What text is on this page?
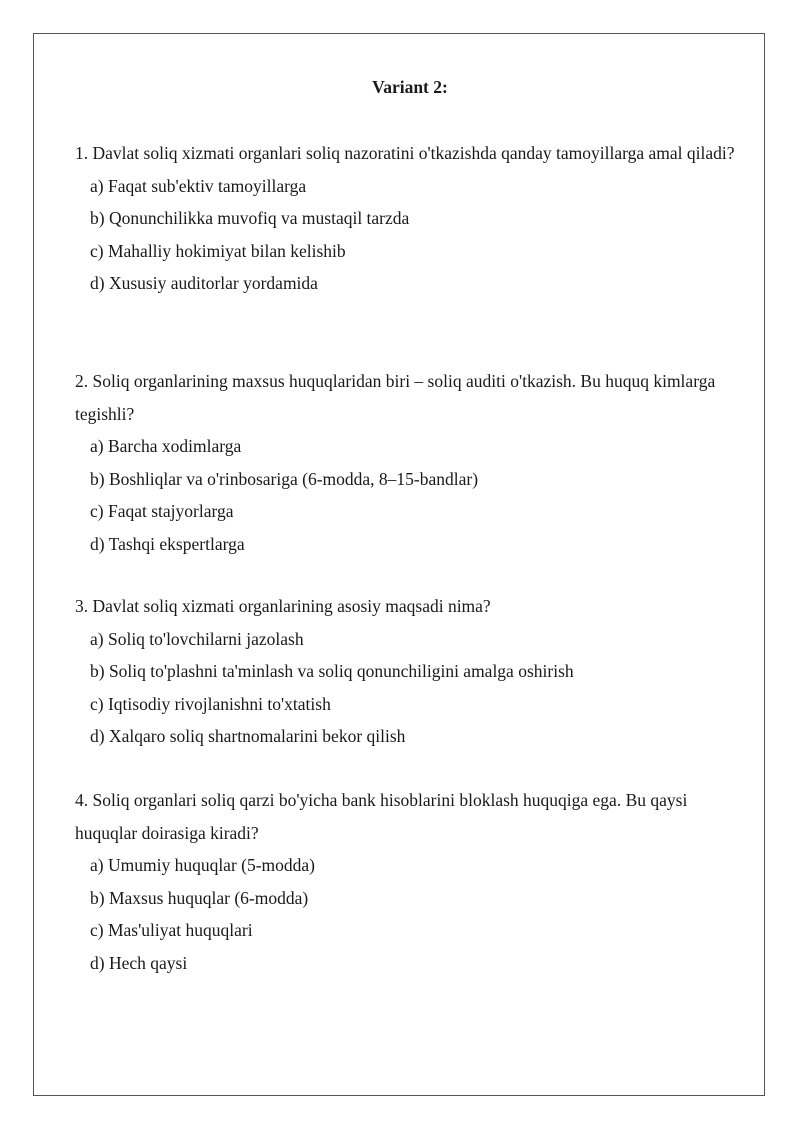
Variant 2:
1. Davlat soliq xizmati organlari soliq nazoratini o'tkazishda qanday tamoyillarga amal qiladi?
a) Faqat sub'ektiv tamoyillarga
b) Qonunchilikka muvofiq va mustaqil tarzda
c) Mahalliy hokimiyat bilan kelishib
d) Xususiy auditorlar yordamida
2. Soliq organlarining maxsus huquqlaridan biri – soliq auditi o'tkazish. Bu huquq kimlarga tegishli?
a) Barcha xodimlarga
b) Boshliqlar va o'rinbosariga (6-modda, 8–15-bandlar)
c) Faqat stajyorlarga
d) Tashqi ekspertlarga
3. Davlat soliq xizmati organlarining asosiy maqsadi nima?
a) Soliq to'lovchilarni jazolash
b) Soliq to'plashni ta'minlash va soliq qonunchiligini amalga oshirish
c) Iqtisodiy rivojlanishni to'xtatish
d) Xalqaro soliq shartnomalarini bekor qilish
4. Soliq organlari soliq qarzi bo'yicha bank hisoblarini bloklash huquqiga ega. Bu qaysi huquqlar doirasiga kiradi?
a) Umumiy huquqlar (5-modda)
b) Maxsus huquqlar (6-modda)
c) Mas'uliyat huquqlari
d) Hech qaysi
